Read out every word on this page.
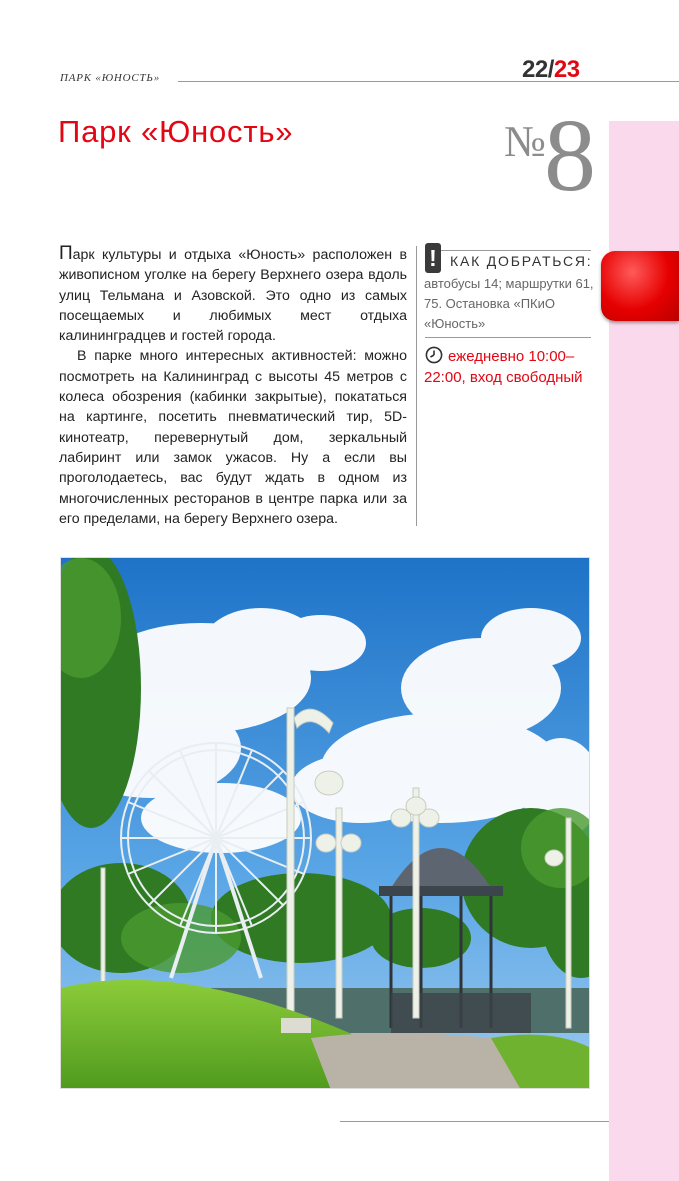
ПАРК «ЮНОСТЬ»	22/23
Парк «Юность»	№
8

Парк культуры и отдыха «Юность» расположен в живописном уголке на берегу Верхнего озера вдоль улиц Тельмана и Азовской. Это одно из самых посещаемых и любимых мест отдыха калининградцев и гостей города.

В парке много интересных активностей: можно посмотреть на Калининград с высоты 45 метров с колеса обозрения (кабинки закрытые), покататься на картинге, посетить пневматический тир, 5D-кинотеатр, перевернутый дом, зеркальный лабиринт или замок ужасов. Ну а если вы проголодаетесь, вас будут ждать в одном из многочисленных ресторанов в центре парка или за его пределами, на берегу Верхнего озера.

! КАК ДОБРАТЬСЯ:
автобусы 14; маршрутки 61, 75. Остановка «ПКиО «Юность»
ежедневно 10:00–22:00, вход свободный
